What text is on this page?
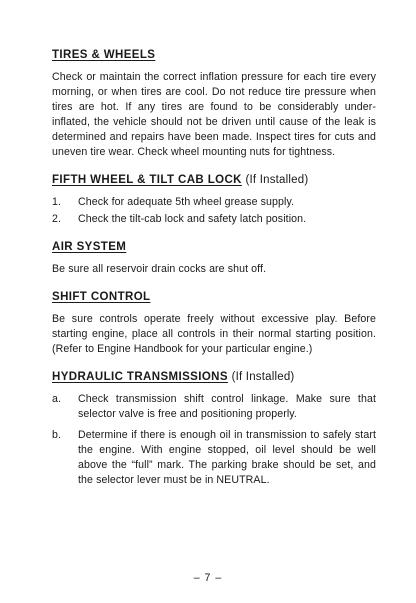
TIRES & WHEELS

Check or maintain the correct inflation pressure for each tire every morning, or when tires are cool. Do not reduce tire pressure when tires are hot. If any tires are found to be considerably under-inflated, the vehicle should not be driven until cause of the leak is determined and repairs have been made. Inspect tires for cuts and uneven tire wear. Check wheel mounting nuts for tightness.

FIFTH WHEEL & TILT CAB LOCK (If Installed)
1.	Check for adequate 5th wheel grease supply.
2.	Check the tilt-cab lock and safety latch position.
AIR SYSTEM

Be sure all reservoir drain cocks are shut off.

SHIFT CONTROL

Be sure controls operate freely without excessive play. Before starting engine, place all controls in their normal starting position. (Refer to Engine Handbook for your particular engine.)

HYDRAULIC TRANSMISSIONS (If Installed)
a.	Check transmission shift control linkage. Make sure that selector valve is free and positioning properly.
b.	Determine if there is enough oil in transmission to safely start the engine. With engine stopped, oil level should be well above the “full” mark. The parking brake should be set, and the selector lever must be in NEUTRAL.
– 7 –
